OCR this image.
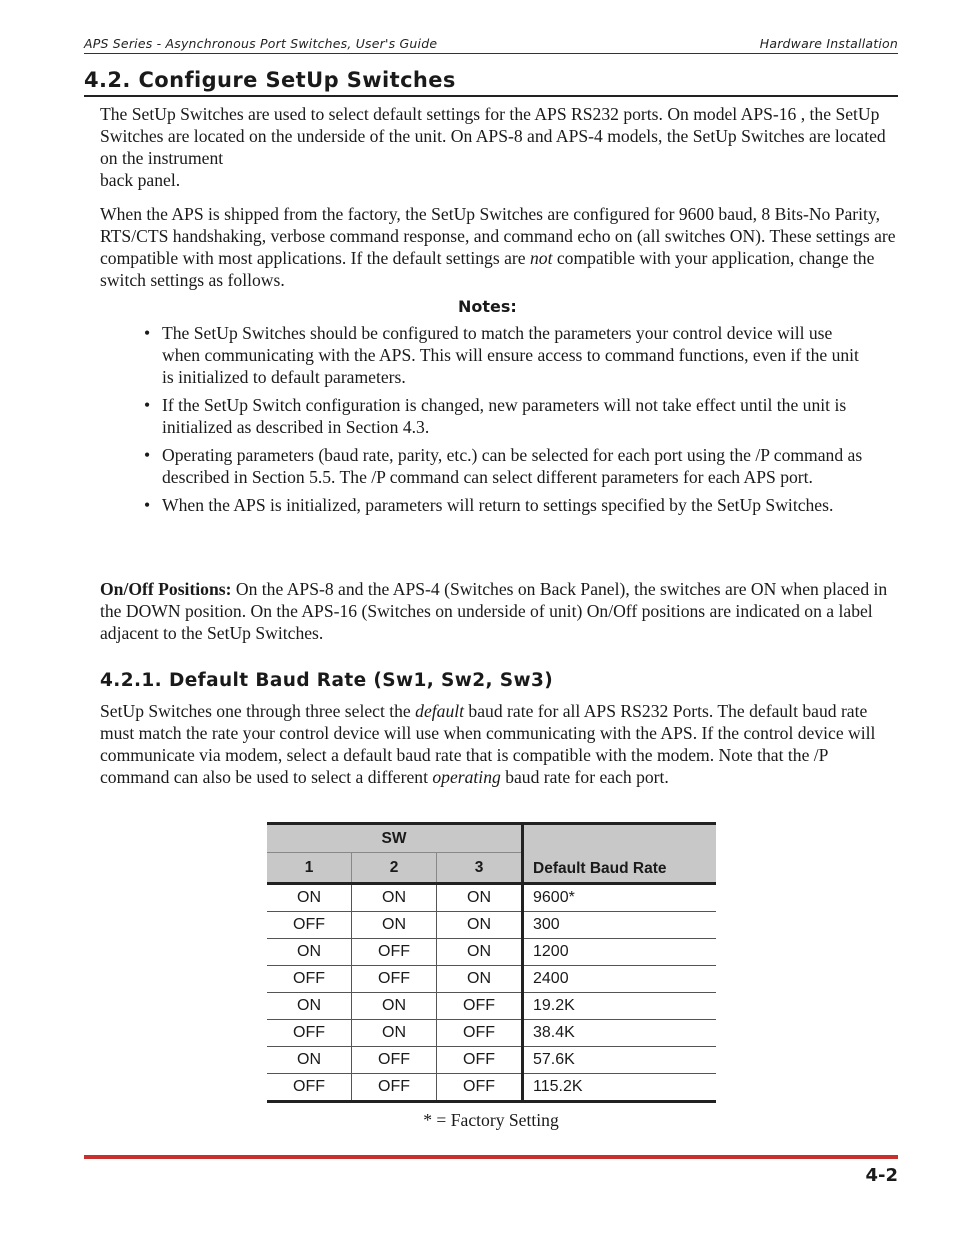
APS Series - Asynchronous Port Switches, User's Guide	Hardware Installation
4.2. Configure SetUp Switches

The SetUp Switches are used to select default settings for the APS RS232 ports. On model APS-16 , the SetUp Switches are located on the underside of the unit. On APS-8 and APS-4 models, the SetUp Switches are located on the instrument
back panel.

When the APS is shipped from the factory, the SetUp Switches are configured for 9600 baud, 8 Bits-No Parity, RTS/CTS handshaking, verbose command response, and command echo on (all switches ON). These settings are compatible with most applications. If the default settings are not compatible with your application, change the switch settings as follows.

Notes:
• The SetUp Switches should be configured to match the parameters your control device will use when communicating with the APS. This will ensure access to command functions, even if the unit is initialized to default parameters.
• If the SetUp Switch configuration is changed, new parameters will not take effect until the unit is initialized as described in Section 4.3.
• Operating parameters (baud rate, parity, etc.) can be selected for each port using the /P command as described in Section 5.5. The /P command can select different parameters for each APS port.
• When the APS is initialized, parameters will return to settings specified by the SetUp Switches.

On/Off Positions: On the APS-8 and the APS-4 (Switches on Back Panel), the switches are ON when placed in the DOWN position. On the APS-16 (Switches on underside of unit) On/Off positions are indicated on a label adjacent to the SetUp Switches.

4.2.1. Default Baud Rate (Sw1, Sw2, Sw3)

SetUp Switches one through three select the default baud rate for all APS RS232 Ports. The default baud rate must match the rate your control device will use when communicating with the APS. If the control device will communicate via modem, select a default baud rate that is compatible with the modem. Note that the /P command can also be used to select a different operating baud rate for each port.

SW			Default Baud Rate
1	2	3	
ON	ON	ON	9600*
OFF	ON	ON	300
ON	OFF	ON	1200
OFF	OFF	ON	2400
ON	ON	OFF	19.2K
OFF	ON	OFF	38.4K
ON	OFF	OFF	57.6K
OFF	OFF	OFF	115.2K
* = Factory Setting
4-2
